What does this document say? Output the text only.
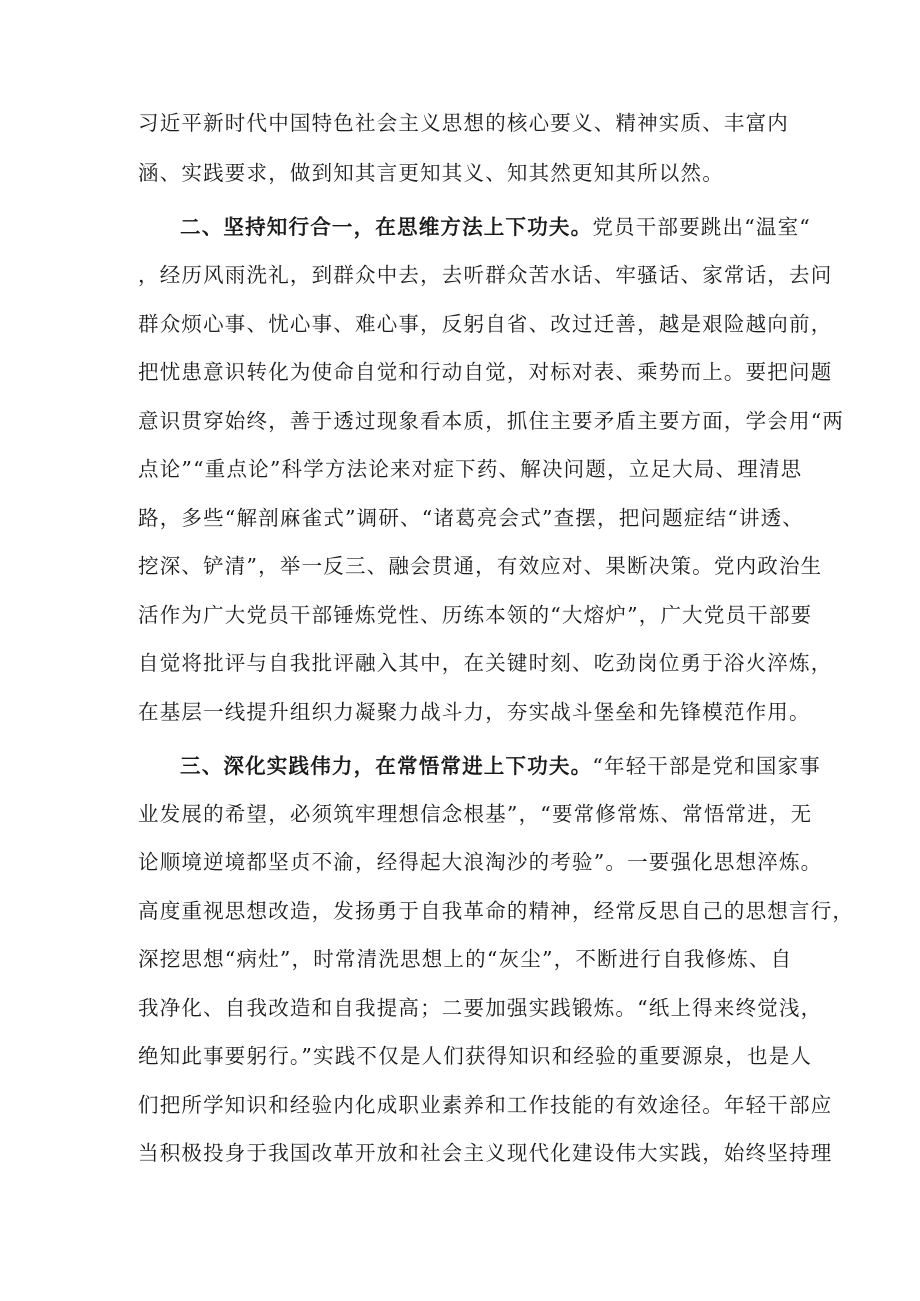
习近平新时代中国特色社会主义思想的核心要义、精神实质、丰富内
涵、实践要求，做到知其言更知其义、知其然更知其所以然。
二、坚持知行合一，在思维方法上下功夫。党员干部要跳出“温室“
，经历风雨洗礼，到群众中去，去听群众苦水话、牢骚话、家常话，去问
群众烦心事、忧心事、难心事，反躬自省、改过迁善，越是艰险越向前，
把忧患意识转化为使命自觉和行动自觉，对标对表、乘势而上。要把问题
意识贯穿始终，善于透过现象看本质，抓住主要矛盾主要方面，学会用“两
点论”“重点论”科学方法论来对症下药、解决问题，立足大局、理清思
路，多些“解剖麻雀式”调研、“诸葛亮会式”查摆，把问题症结“讲透、
挖深、铲清”，举一反三、融会贯通，有效应对、果断决策。党内政治生
活作为广大党员干部锤炼党性、历练本领的“大熔炉”，广大党员干部要
自觉将批评与自我批评融入其中，在关键时刻、吃劲岗位勇于浴火淬炼，
在基层一线提升组织力凝聚力战斗力，夯实战斗堡垒和先锋模范作用。
三、深化实践伟力，在常悟常进上下功夫。“年轻干部是党和国家事
业发展的希望，必须筑牢理想信念根基”，“要常修常炼、常悟常进，无
论顺境逆境都坚贞不渝，经得起大浪淘沙的考验”。一要强化思想淬炼。
高度重视思想改造，发扬勇于自我革命的精神，经常反思自己的思想言行，
深挖思想“病灶”，时常清洗思想上的“灰尘”，不断进行自我修炼、自
我净化、自我改造和自我提高；二要加强实践锻炼。“纸上得来终觉浅，
绝知此事要躬行。”实践不仅是人们获得知识和经验的重要源泉，也是人
们把所学知识和经验内化成职业素养和工作技能的有效途径。年轻干部应
当积极投身于我国改革开放和社会主义现代化建设伟大实践，始终坚持理
